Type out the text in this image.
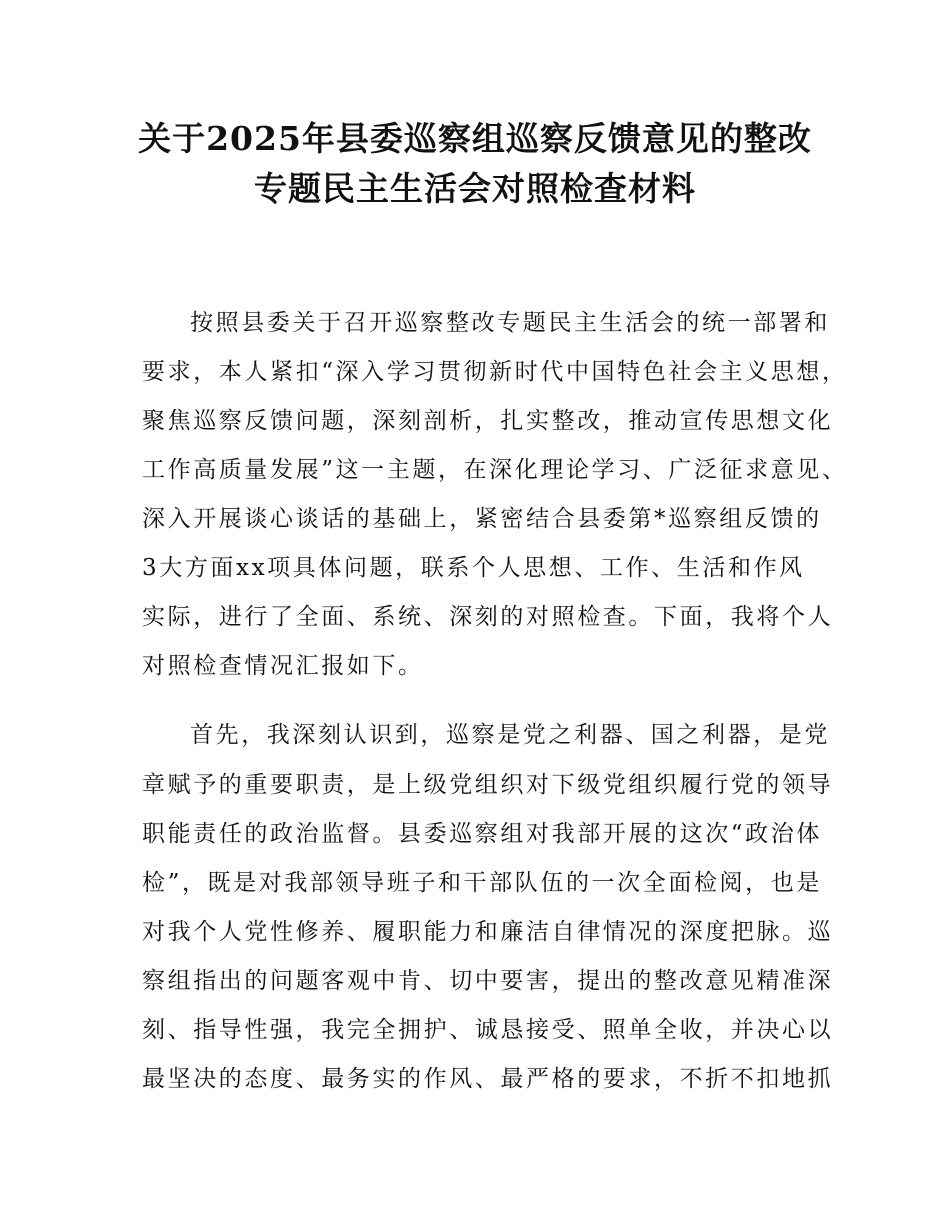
关于2025年县委巡察组巡察反馈意见的整改
专题民主生活会对照检查材料
按照县委关于召开巡察整改专题民主生活会的统一部署和
要求，本人紧扣“深入学习贯彻新时代中国特色社会主义思想，
聚焦巡察反馈问题，深刻剖析，扎实整改，推动宣传思想文化
工作高质量发展”这一主题，在深化理论学习、广泛征求意见、
深入开展谈心谈话的基础上，紧密结合县委第*巡察组反馈的
3大方面xx项具体问题，联系个人思想、工作、生活和作风
实际，进行了全面、系统、深刻的对照检查。下面，我将个人
对照检查情况汇报如下。
首先，我深刻认识到，巡察是党之利器、国之利器，是党
章赋予的重要职责，是上级党组织对下级党组织履行党的领导
职能责任的政治监督。县委巡察组对我部开展的这次“政治体
检”，既是对我部领导班子和干部队伍的一次全面检阅，也是
对我个人党性修养、履职能力和廉洁自律情况的深度把脉。巡
察组指出的问题客观中肯、切中要害，提出的整改意见精准深
刻、指导性强，我完全拥护、诚恳接受、照单全收，并决心以
最坚决的态度、最务实的作风、最严格的要求，不折不扣地抓
